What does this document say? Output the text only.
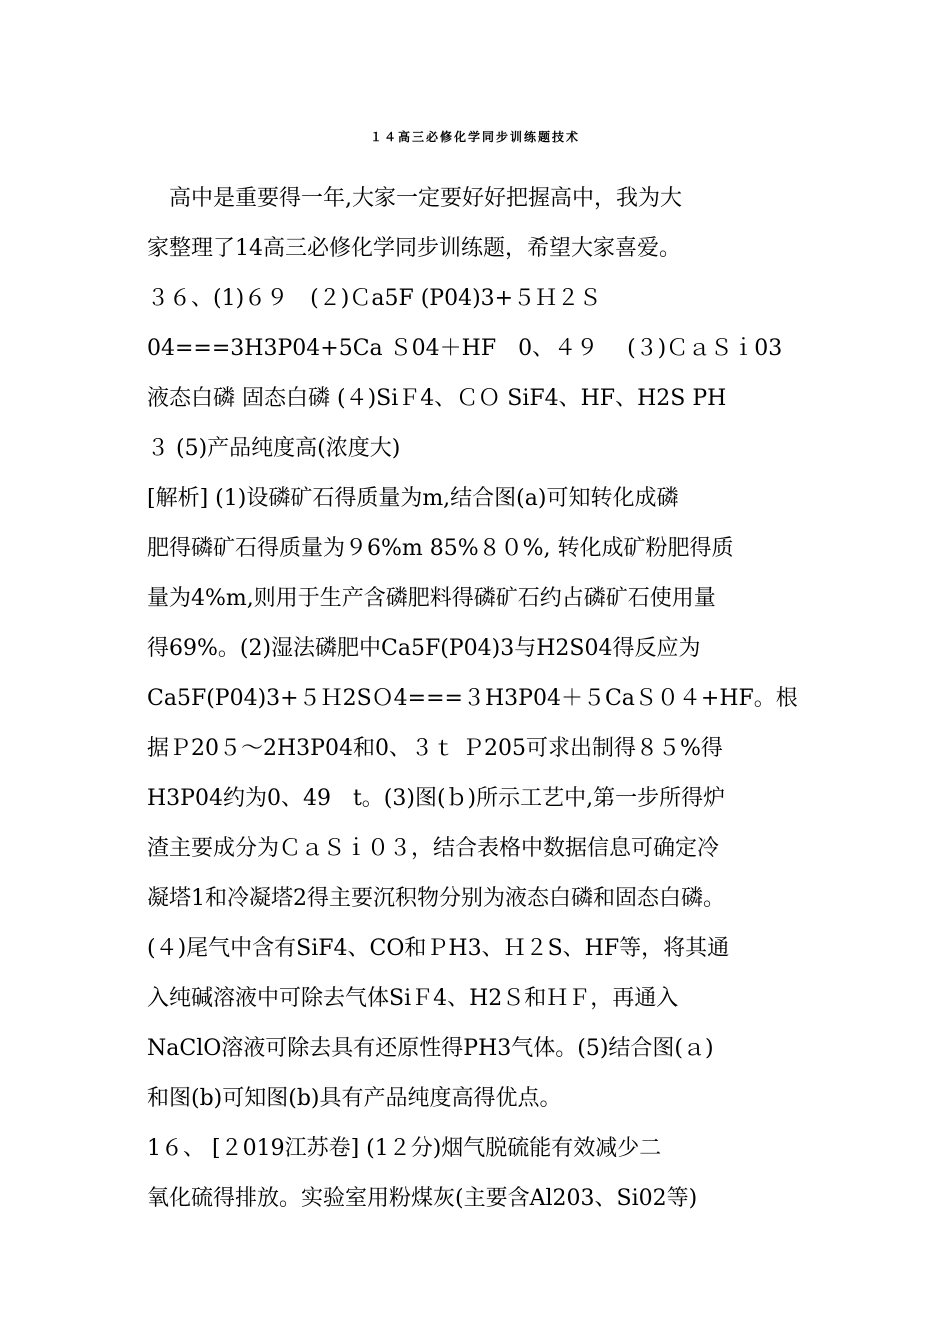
１４高三必修化学同步训练题技术
　高中是重要得一年,大家一定要好好把握高中，我为大
家整理了14高三必修化学同步训练题，希望大家喜爱。
３６、(1)６９　(２)Ｃa5F (P04)3+５Ｈ２Ｓ
04===3H3P04+5Ca Ｓ04＋HF　0、４９　 (３)ＣａＳｉ03
液态白磷 固态白磷 (４)SiＦ4、ＣＯ SiF4、HF、H2S PH
３ (5)产品纯度高(浓度大)
[解析] (1)设磷矿石得质量为m,结合图(a)可知转化成磷
肥得磷矿石得质量为９6%m 85%８０%, 转化成矿粉肥得质
量为4%m,则用于生产含磷肥料得磷矿石约占磷矿石使用量
得69%。(2)湿法磷肥中Ca5F(P04)3与H2S04得反应为
Ca5F(P04)3+５Ｈ2SＯ4===３H3P04＋５CaＳ０４+HF。根
据Ｐ20５～2H3P04和0、３ｔ Ｐ205可求出制得８５%得
H3P04约为0、49　t。(3)图(ｂ)所示工艺中,第一步所得炉
渣主要成分为ＣａＳｉ０３，结合表格中数据信息可确定冷
凝塔1和冷凝塔2得主要沉积物分别为液态白磷和固态白磷。
(４)尾气中含有SiF4、CO和ＰH3、Ｈ２S、HF等，将其通
入纯碱溶液中可除去气体SiＦ4、H2Ｓ和ＨＦ，再通入
NaClO溶液可除去具有还原性得PH3气体。(5)结合图(ａ)
和图(b)可知图(b)具有产品纯度高得优点。
1６、 [２019江苏卷] (1２分)烟气脱硫能有效减少二
氧化硫得排放。实验室用粉煤灰(主要含Al203、Si02等)
